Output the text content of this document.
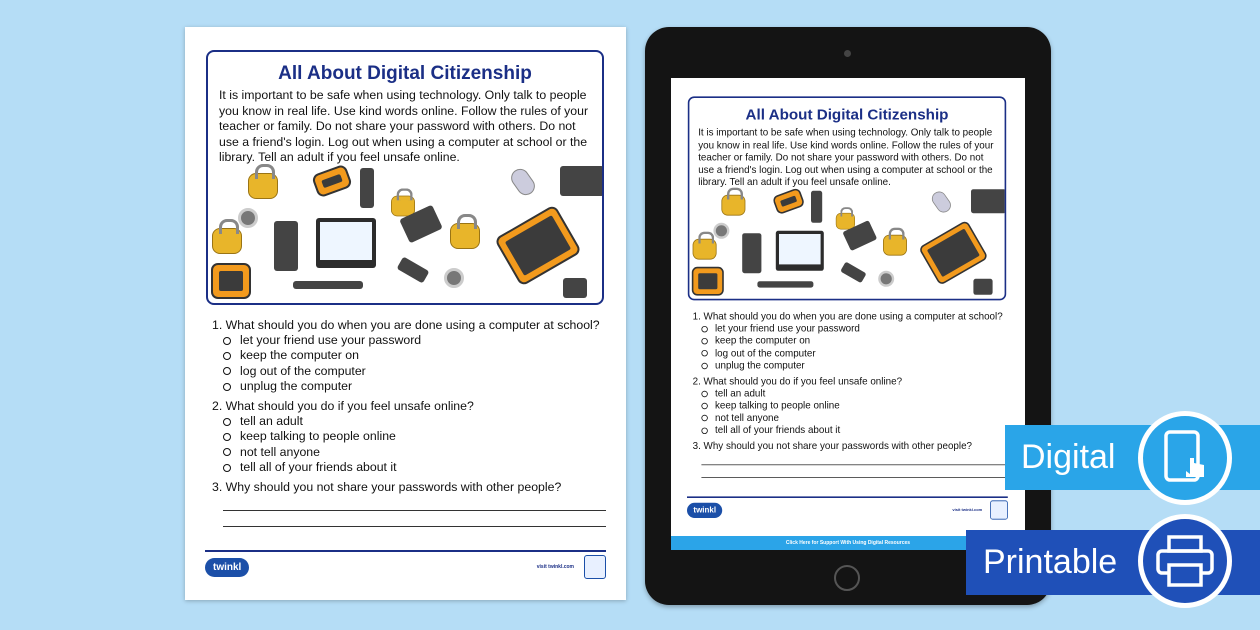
All About Digital Citizenship
It is important to be safe when using technology. Only talk to people you know in real life. Use kind words online. Follow the rules of your teacher or family. Do not share your password with others. Do not use a friend's login. Log out when using a computer at school or the library. Tell an adult if you feel unsafe online.
1. What should you do when you are done using a computer at school?
let your friend use your password
keep the computer on
log out of the computer
unplug the computer
2. What should you do if you feel unsafe online?
tell an adult
keep talking to people online
not tell anyone
tell all of your friends about it
3. Why should you not share your passwords with other people?
twinkl	visit twinkl.com
All About Digital Citizenship
It is important to be safe when using technology. Only talk to people you know in real life. Use kind words online. Follow the rules of your teacher or family. Do not share your password with others. Do not use a friend's login. Log out when using a computer at school or the library. Tell an adult if you feel unsafe online.
1. What should you do when you are done using a computer at school?
let your friend use your password
keep the computer on
log out of the computer
unplug the computer
2. What should you do if you feel unsafe online?
tell an adult
keep talking to people online
not tell anyone
tell all of your friends about it
3. Why should you not share your passwords with other people?
twinkl	visit twinkl.com
Click Here for Support With Using Digital Resources
Digital
Printable
